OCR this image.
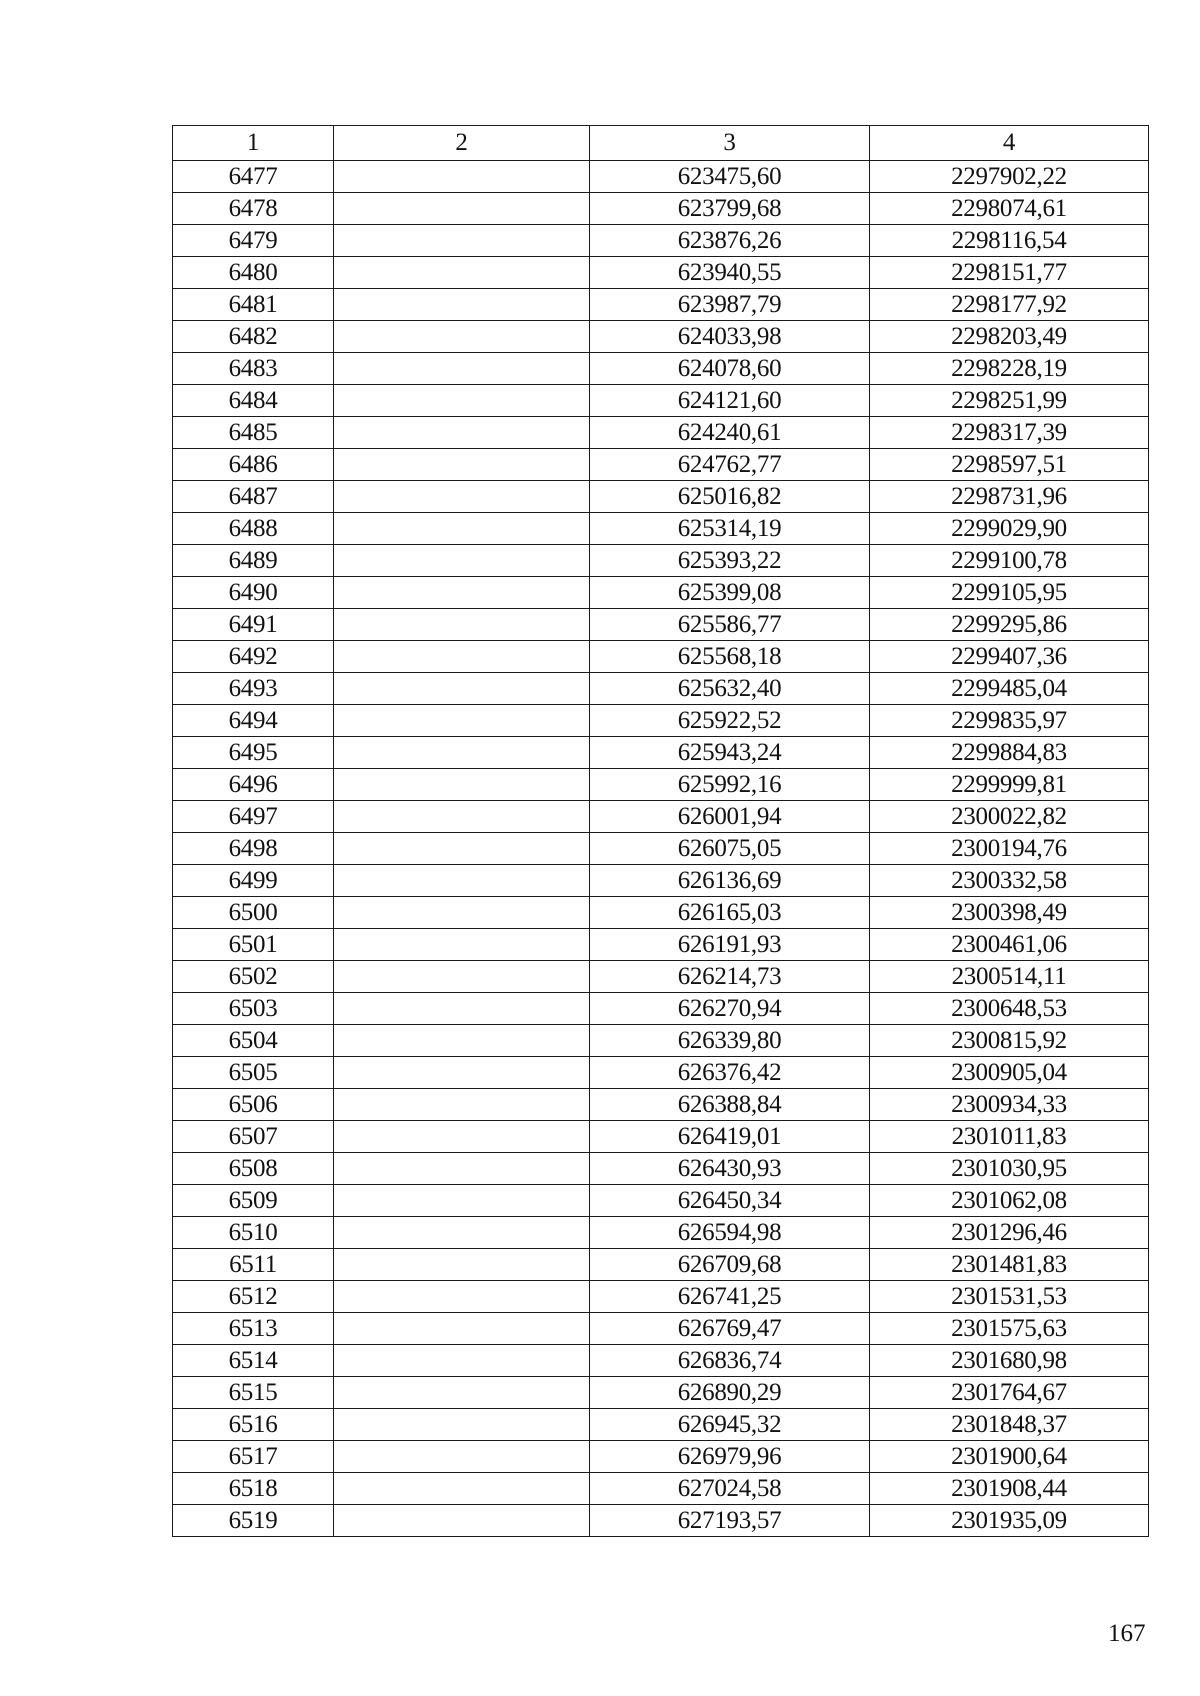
1	2	3	4
6477		623475,60	2297902,22
6478		623799,68	2298074,61
6479		623876,26	2298116,54
6480		623940,55	2298151,77
6481		623987,79	2298177,92
6482		624033,98	2298203,49
6483		624078,60	2298228,19
6484		624121,60	2298251,99
6485		624240,61	2298317,39
6486		624762,77	2298597,51
6487		625016,82	2298731,96
6488		625314,19	2299029,90
6489		625393,22	2299100,78
6490		625399,08	2299105,95
6491		625586,77	2299295,86
6492		625568,18	2299407,36
6493		625632,40	2299485,04
6494		625922,52	2299835,97
6495		625943,24	2299884,83
6496		625992,16	2299999,81
6497		626001,94	2300022,82
6498		626075,05	2300194,76
6499		626136,69	2300332,58
6500		626165,03	2300398,49
6501		626191,93	2300461,06
6502		626214,73	2300514,11
6503		626270,94	2300648,53
6504		626339,80	2300815,92
6505		626376,42	2300905,04
6506		626388,84	2300934,33
6507		626419,01	2301011,83
6508		626430,93	2301030,95
6509		626450,34	2301062,08
6510		626594,98	2301296,46
6511		626709,68	2301481,83
6512		626741,25	2301531,53
6513		626769,47	2301575,63
6514		626836,74	2301680,98
6515		626890,29	2301764,67
6516		626945,32	2301848,37
6517		626979,96	2301900,64
6518		627024,58	2301908,44
6519		627193,57	2301935,09
167
